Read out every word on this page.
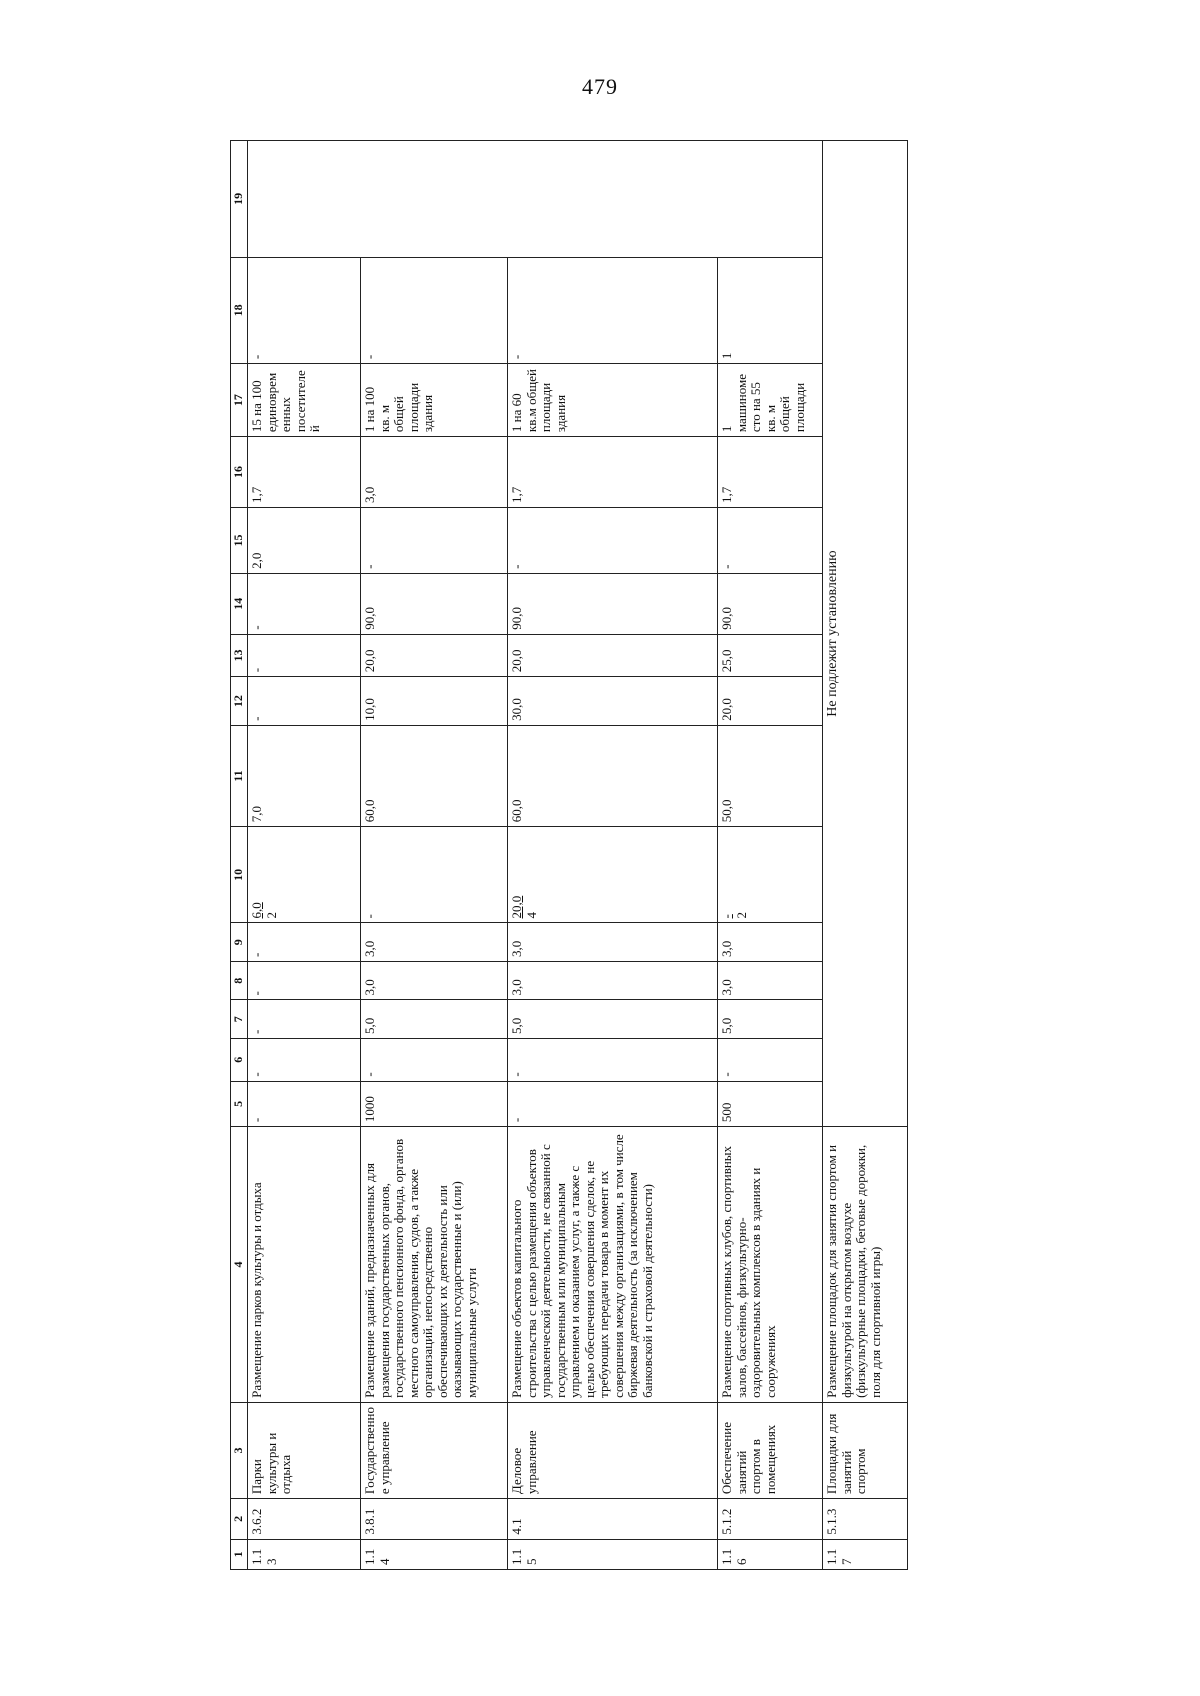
479
1	2	3	4	5	6	7	8	9	10	11	12	13	14	15	16	17	18	19
1.13	3.6.2	Парки культуры и отдыха	Размещение парков культуры и отдыха	-	-	-	-	-	6,0 2	7,0	-	-	-	2,0	1,7	15 на 100 единовременных посетителей	-	
1.14	3.8.1	Государственное управление	Размещение зданий, предназначенных для размещения государственных органов, государственного пенсионного фонда, органов местного самоуправления, судов, а также организаций, непосредственно обеспечивающих их деятельность или оказывающих государственные и (или) муниципальные услуги	1000	-	5,0	3,0	3,0	-	60,0	10,0	20,0	90,0	-	3,0	1 на 100 кв. м общей площади здания	-	
1.15	4.1	Деловое управление	Размещение объектов капитального строительства с целью размещения объектов управленческой деятельности, не связанной с государственным или муниципальным управлением и оказанием услуг, а также с целью обеспечения совершения сделок, не требующих передачи товара в момент их совершения между организациями, в том числе биржевая деятельность (за исключением банковской и страховой деятельности)	-	-	5,0	3,0	3,0	20,0 4	60,0	30,0	20,0	90,0	-	1,7	1 на 60 кв.м общей площади здания	-	
1.16	5.1.2	Обеспечение занятий спортом в помещениях	Размещение спортивных клубов, спортивных залов, бассейнов, физкультурно-оздоровительных комплексов в зданиях и сооружениях	500	-	5,0	3,0	3,0	- 2	50,0	20,0	25,0	90,0	-	1,7	1 машиноместо на 55 кв. м общей площади	1	
1.17	5.1.3	Площадки для занятий спортом	Размещение площадок для занятия спортом и физкультурой на открытом воздухе (физкультурные площадки, беговые дорожки, поля для спортивной игры)	Не подлежит установлению														
